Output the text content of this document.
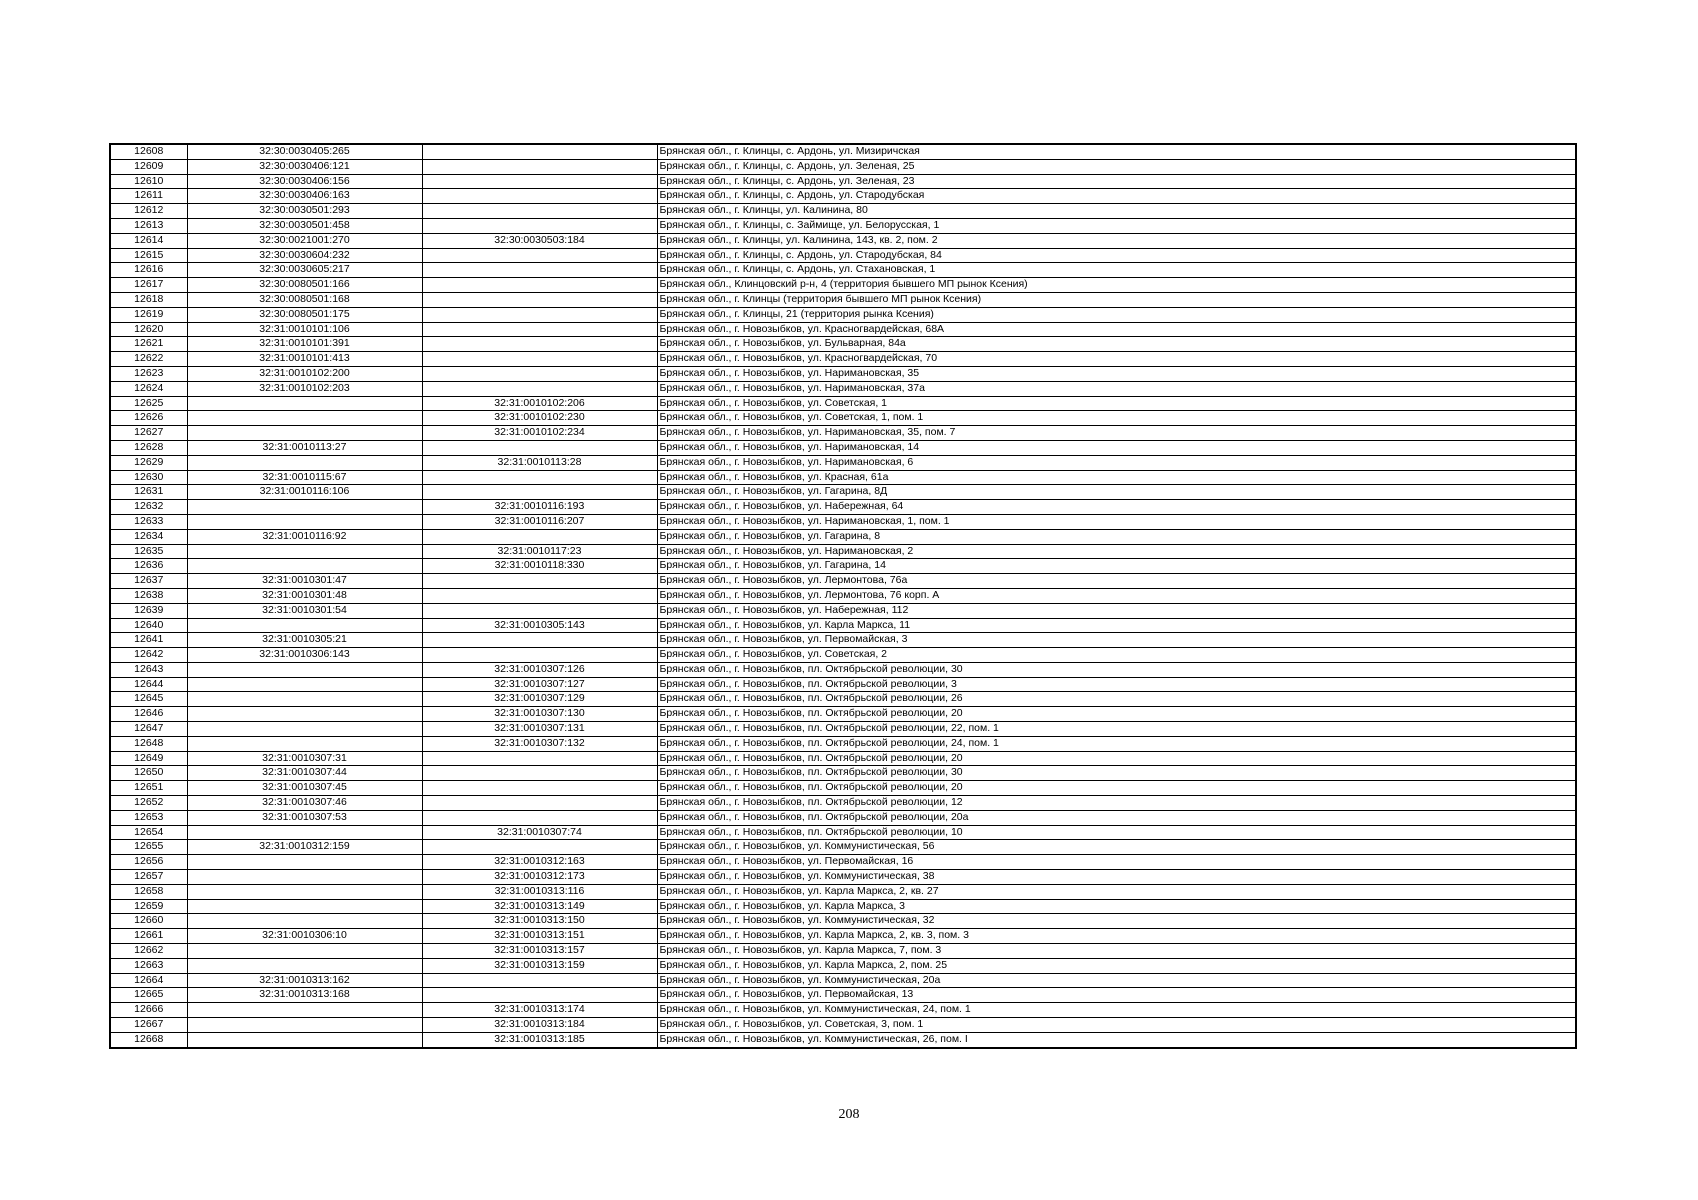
12608	32:30:0030405:265		Брянская обл., г. Клинцы, с. Ардонь, ул. Мизиричская
12609	32:30:0030406:121		Брянская обл., г. Клинцы, с. Ардонь, ул. Зеленая, 25
12610	32:30:0030406:156		Брянская обл., г. Клинцы, с. Ардонь, ул. Зеленая, 23
12611	32:30:0030406:163		Брянская обл., г. Клинцы, с. Ардонь, ул. Стародубская
12612	32:30:0030501:293		Брянская обл., г. Клинцы, ул. Калинина, 80
12613	32:30:0030501:458		Брянская обл., г. Клинцы, с. Займище, ул. Белорусская, 1
12614	32:30:0021001:270	32:30:0030503:184	Брянская обл., г. Клинцы, ул. Калинина, 143, кв. 2, пом. 2
12615	32:30:0030604:232		Брянская обл., г. Клинцы, с. Ардонь, ул. Стародубская, 84
12616	32:30:0030605:217		Брянская обл., г. Клинцы, с. Ардонь, ул. Стахановская, 1
12617	32:30:0080501:166		Брянская обл., Клинцовский р-н, 4 (территория бывшего МП рынок Ксения)
12618	32:30:0080501:168		Брянская обл., г. Клинцы (территория бывшего МП рынок Ксения)
12619	32:30:0080501:175		Брянская обл., г. Клинцы, 21 (территория рынка Ксения)
12620	32:31:0010101:106		Брянская обл., г. Новозыбков, ул. Красногвардейская, 68А
12621	32:31:0010101:391		Брянская обл., г. Новозыбков, ул. Бульварная, 84а
12622	32:31:0010101:413		Брянская обл., г. Новозыбков, ул. Красногвардейская, 70
12623	32:31:0010102:200		Брянская обл., г. Новозыбков, ул. Наримановская, 35
12624	32:31:0010102:203		Брянская обл., г. Новозыбков, ул. Наримановская, 37а
12625		32:31:0010102:206	Брянская обл., г. Новозыбков, ул. Советская, 1
12626		32:31:0010102:230	Брянская обл., г. Новозыбков, ул. Советская, 1, пом. 1
12627		32:31:0010102:234	Брянская обл., г. Новозыбков, ул. Наримановская, 35, пом. 7
12628	32:31:0010113:27		Брянская обл., г. Новозыбков, ул. Наримановская, 14
12629		32:31:0010113:28	Брянская обл., г. Новозыбков, ул. Наримановская, 6
12630	32:31:0010115:67		Брянская обл., г. Новозыбков, ул. Красная, 61а
12631	32:31:0010116:106		Брянская обл., г. Новозыбков, ул. Гагарина, 8Д
12632		32:31:0010116:193	Брянская обл., г. Новозыбков, ул. Набережная, 64
12633		32:31:0010116:207	Брянская обл., г. Новозыбков, ул. Наримановская, 1, пом. 1
12634	32:31:0010116:92		Брянская обл., г. Новозыбков, ул. Гагарина, 8
12635		32:31:0010117:23	Брянская обл., г. Новозыбков, ул. Наримановская, 2
12636		32:31:0010118:330	Брянская обл., г. Новозыбков, ул. Гагарина, 14
12637	32:31:0010301:47		Брянская обл., г. Новозыбков, ул. Лермонтова, 76а
12638	32:31:0010301:48		Брянская обл., г. Новозыбков, ул. Лермонтова, 76 корп. А
12639	32:31:0010301:54		Брянская обл., г. Новозыбков, ул. Набережная, 112
12640		32:31:0010305:143	Брянская обл., г. Новозыбков, ул. Карла Маркса, 11
12641	32:31:0010305:21		Брянская обл., г. Новозыбков, ул. Первомайская, 3
12642	32:31:0010306:143		Брянская обл., г. Новозыбков, ул. Советская, 2
12643		32:31:0010307:126	Брянская обл., г. Новозыбков, пл. Октябрьской революции, 30
12644		32:31:0010307:127	Брянская обл., г. Новозыбков, пл. Октябрьской революции, 3
12645		32:31:0010307:129	Брянская обл., г. Новозыбков, пл. Октябрьской революции, 26
12646		32:31:0010307:130	Брянская обл., г. Новозыбков, пл. Октябрьской революции, 20
12647		32:31:0010307:131	Брянская обл., г. Новозыбков, пл. Октябрьской революции, 22, пом. 1
12648		32:31:0010307:132	Брянская обл., г. Новозыбков, пл. Октябрьской революции, 24, пом. 1
12649	32:31:0010307:31		Брянская обл., г. Новозыбков, пл. Октябрьской революции, 20
12650	32:31:0010307:44		Брянская обл., г. Новозыбков, пл. Октябрьской революции, 30
12651	32:31:0010307:45		Брянская обл., г. Новозыбков, пл. Октябрьской революции, 20
12652	32:31:0010307:46		Брянская обл., г. Новозыбков, пл. Октябрьской революции, 12
12653	32:31:0010307:53		Брянская обл., г. Новозыбков, пл. Октябрьской революции, 20а
12654		32:31:0010307:74	Брянская обл., г. Новозыбков, пл. Октябрьской революции, 10
12655	32:31:0010312:159		Брянская обл., г. Новозыбков, ул. Коммунистическая, 56
12656		32:31:0010312:163	Брянская обл., г. Новозыбков, ул. Первомайская, 16
12657		32:31:0010312:173	Брянская обл., г. Новозыбков, ул. Коммунистическая, 38
12658		32:31:0010313:116	Брянская обл., г. Новозыбков, ул. Карла Маркса, 2, кв. 27
12659		32:31:0010313:149	Брянская обл., г. Новозыбков, ул. Карла Маркса, 3
12660		32:31:0010313:150	Брянская обл., г. Новозыбков, ул. Коммунистическая, 32
12661	32:31:0010306:10	32:31:0010313:151	Брянская обл., г. Новозыбков, ул. Карла Маркса, 2, кв. 3, пом. 3
12662		32:31:0010313:157	Брянская обл., г. Новозыбков, ул. Карла Маркса, 7, пом. 3
12663		32:31:0010313:159	Брянская обл., г. Новозыбков, ул. Карла Маркса, 2, пом. 25
12664	32:31:0010313:162		Брянская обл., г. Новозыбков, ул. Коммунистическая, 20а
12665	32:31:0010313:168		Брянская обл., г. Новозыбков, ул. Первомайская, 13
12666		32:31:0010313:174	Брянская обл., г. Новозыбков, ул. Коммунистическая, 24, пом. 1
12667		32:31:0010313:184	Брянская обл., г. Новозыбков, ул. Советская, 3, пом. 1
12668		32:31:0010313:185	Брянская обл., г. Новозыбков, ул. Коммунистическая, 26, пом. I
208
